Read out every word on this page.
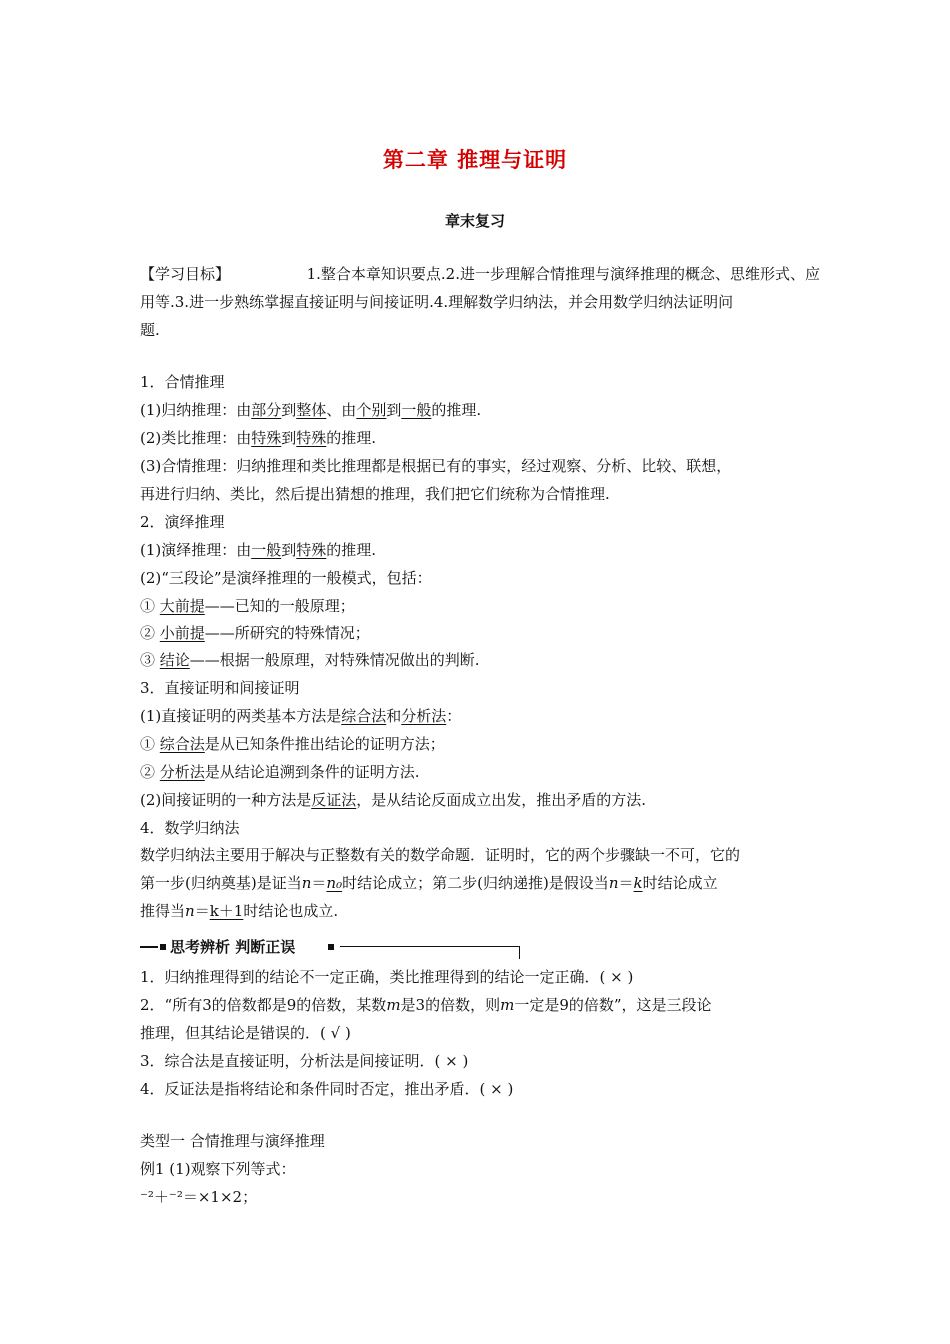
第二章 推理与证明
章末复习
【学习目标】	1.整合本章知识要点.2.进一步理解合情推理与演绎推理的概念、思维形式、应
用等.3.进一步熟练掌握直接证明与间接证明.4.理解数学归纳法，并会用数学归纳法证明问
题.
1．合情推理
(1)归纳推理：由部分到整体、由个别到一般的推理.
(2)类比推理：由特殊到特殊的推理.
(3)合情推理：归纳推理和类比推理都是根据已有的事实，经过观察、分析、比较、联想，
再进行归纳、类比，然后提出猜想的推理，我们把它们统称为合情推理.
2．演绎推理
(1)演绎推理：由一般到特殊的推理.
(2)“三段论”是演绎推理的一般模式，包括：
① 大前提——已知的一般原理；
② 小前提——所研究的特殊情况；
③ 结论——根据一般原理，对特殊情况做出的判断.
3．直接证明和间接证明
(1)直接证明的两类基本方法是综合法和分析法：
① 综合法是从已知条件推出结论的证明方法；
② 分析法是从结论追溯到条件的证明方法.
(2)间接证明的一种方法是反证法，是从结论反面成立出发，推出矛盾的方法.
4．数学归纳法
数学归纳法主要用于解决与正整数有关的数学命题．证明时，它的两个步骤缺一不可，它的
第一步(归纳奠基)是证当n＝n₀时结论成立；第二步(归纳递推)是假设当n＝k时结论成立
推得当n＝k＋1时结论也成立.
思考辨析 判断正误
1．归纳推理得到的结论不一定正确，类比推理得到的结论一定正确．( × )
2．“所有3的倍数都是9的倍数，某数m是3的倍数，则m一定是9的倍数”，这是三段论
推理，但其结论是错误的．( √ )
3．综合法是直接证明，分析法是间接证明．( × )
4．反证法是指将结论和条件同时否定，推出矛盾．( × )
类型一 合情推理与演绎推理
例1 (1)观察下列等式：
⁻²＋⁻²＝×1×2；
